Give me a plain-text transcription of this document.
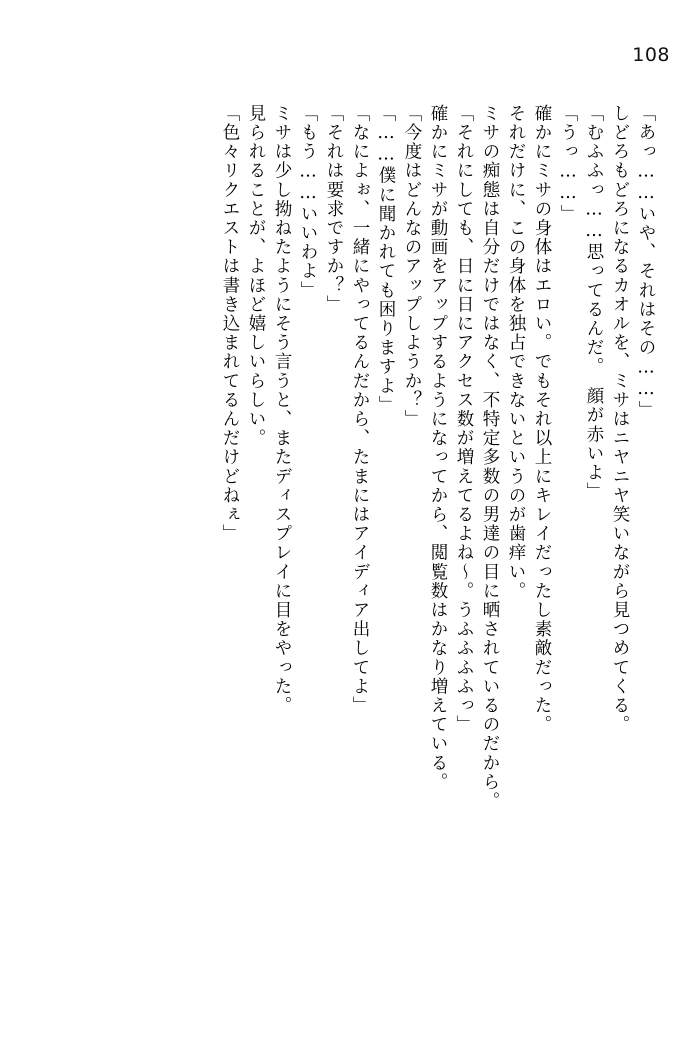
108
「あっ……いや、それはその……」
しどろもどろになるカオルを、ミサはニヤニヤ笑いながら見つめてくる。
「むふふっ……思ってるんだ。　顔が赤いよ」
「うっ……」
確かにミサの身体はエロい。でもそれ以上にキレイだったし素敵だった。
それだけに、この身体を独占できないというのが歯痒い。
ミサの痴態は自分だけではなく、不特定多数の男達の目に晒されているのだから。
「それにしても、日に日にアクセス数が増えてるよね～。うふふふふっ」
確かにミサが動画をアップするようになってから、閲覧数はかなり増えている。
「今度はどんなのアップしようか？」
「……僕に聞かれても困りますよ」
「なによぉ、一緒にやってるんだから、たまにはアイディア出してよ」
「それは要求ですか？」
「もう……いいわよ」
ミサは少し拗ねたようにそう言うと、またディスプレイに目をやった。
見られることが、よほど嬉しいらしい。
「色々リクエストは書き込まれてるんだけどねぇ」
